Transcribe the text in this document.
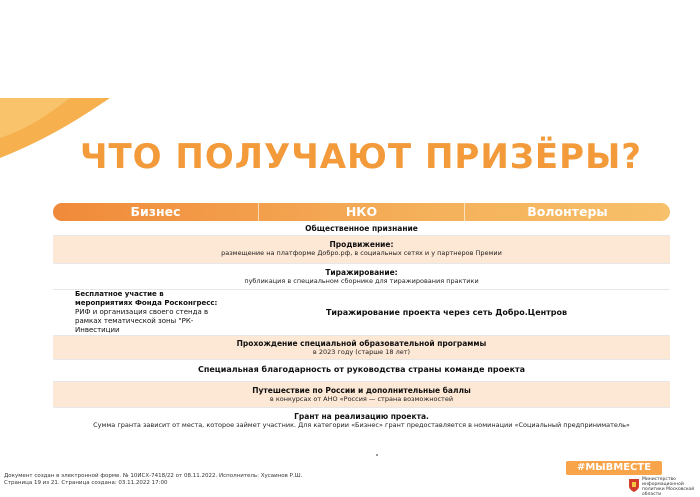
ЧТО ПОЛУЧАЮТ ПРИЗЁРЫ?
Бизнес	НКО	Волонтеры
Общественное признание
Продвижение:
размещение на платформе Добро.рф, в социальных сетях и у партнеров Премии
Тиражирование:
публикация в специальном сборнике для тиражирования практики
Бесплатное участие в мероприятиях Фонда Росконгресс: РИФ и организация своего стенда в рамках тематической зоны "РК-Инвестиции
Тиражирование проекта через сеть Добро.Центров
Прохождение специальной образовательной программы
в 2023 году (старше 18 лет)
Специальная благодарность от руководства страны команде проекта
Путешествие по России и дополнительные баллы
в конкурсах от АНО «Россия — страна возможностей
Грант на реализацию проекта.
Сумма гранта зависит от места, которое займет участник. Для категории «Бизнес» грант предоставляется в номинации «Социальный предприниматель»
#МЫВМЕСТЕ
Министерство информационной политики Московской области
Документ создан в электронной форме. № 10ИСХ-7418/22 от 08.11.2022. Исполнитель: Хусаинов Р.Ш.
Страница 19 из 21. Страница создана: 03.11.2022 17:00
